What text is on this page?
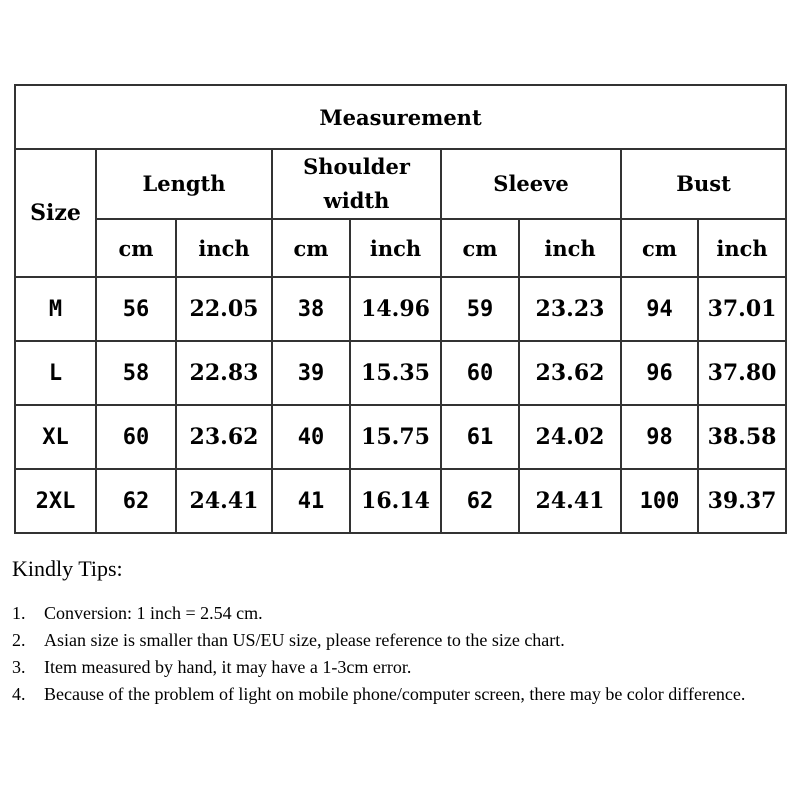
Measurement								
Size	Length		Shoulder width		Sleeve		Bust	
	cm	inch	cm	inch	cm	inch	cm	inch
M	56	22.05	38	14.96	59	23.23	94	37.01
L	58	22.83	39	15.35	60	23.62	96	37.80
XL	60	23.62	40	15.75	61	24.02	98	38.58
2XL	62	24.41	41	16.14	62	24.41	100	39.37
Kindly Tips:
1.	Conversion: 1 inch = 2.54 cm.
2.	Asian size is smaller than US/EU size, please reference to the size chart.
3.	Item measured by hand, it may have a 1-3cm error.
4.	Because of the problem of light on mobile phone/computer screen, there may be color difference.
